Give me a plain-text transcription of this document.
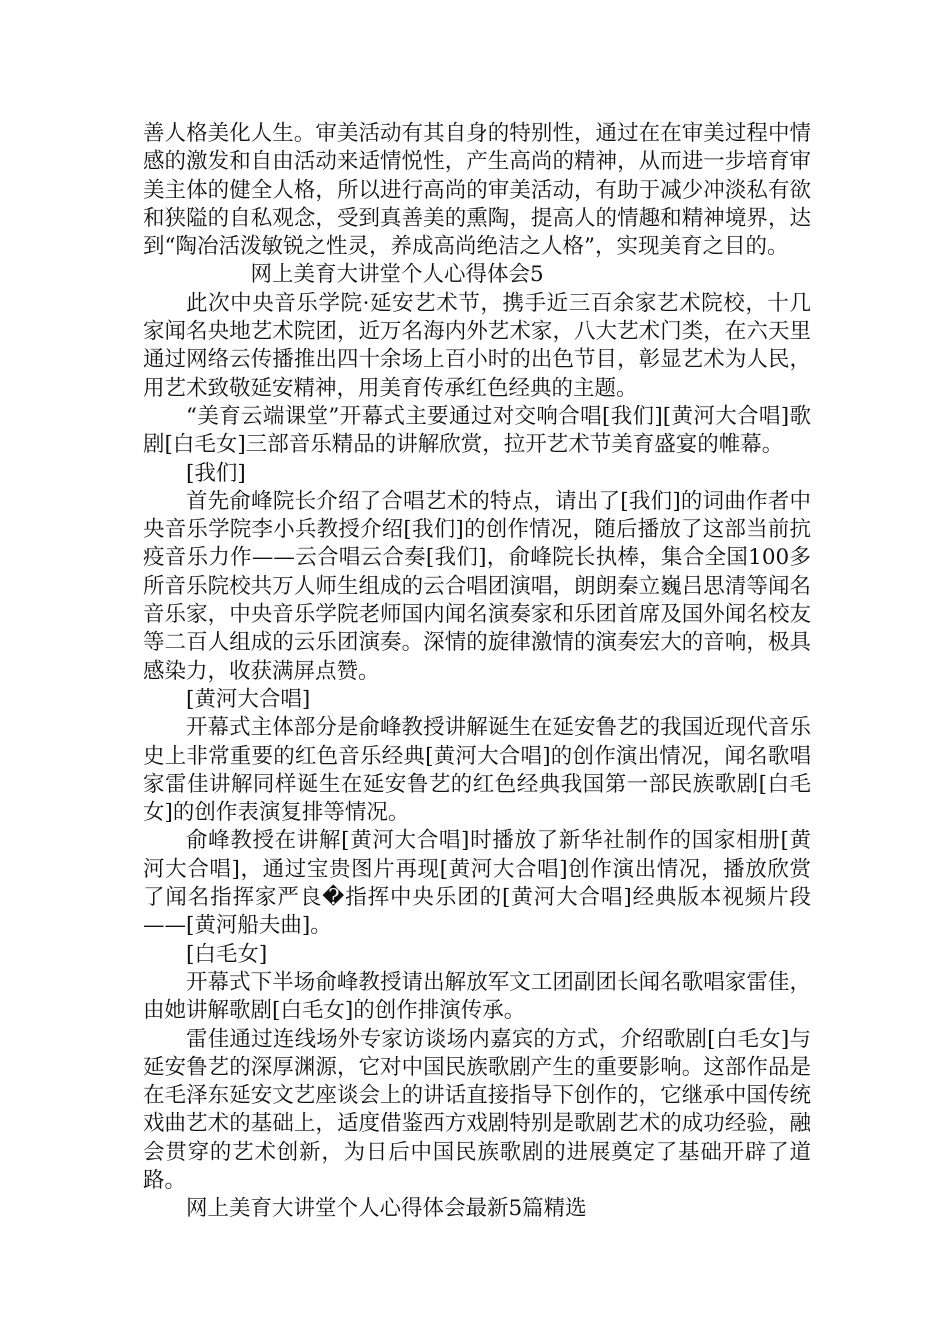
善人格美化人生。审美活动有其自身的特别性，通过在在审美过程中情感的激发和自由活动来适情悦性，产生高尚的精神，从而进一步培育审美主体的健全人格，所以进行高尚的审美活动，有助于减少冲淡私有欲和狭隘的自私观念，受到真善美的熏陶，提高人的情趣和精神境界，达到“陶冶活泼敏锐之性灵，养成高尚绝洁之人格”，实现美育之目的。

网上美育大讲堂个人心得体会5

此次中央音乐学院·延安艺术节，携手近三百余家艺术院校，十几家闻名央地艺术院团，近万名海内外艺术家，八大艺术门类，在六天里通过网络云传播推出四十余场上百小时的出色节目，彰显艺术为人民，用艺术致敬延安精神，用美育传承红色经典的主题。

“美育云端课堂”开幕式主要通过对交响合唱[我们][黄河大合唱]歌剧[白毛女]三部音乐精品的讲解欣赏，拉开艺术节美育盛宴的帷幕。

[我们]

首先俞峰院长介绍了合唱艺术的特点，请出了[我们]的词曲作者中央音乐学院李小兵教授介绍[我们]的创作情况，随后播放了这部当前抗疫音乐力作——云合唱云合奏[我们]，俞峰院长执棒，集合全国100多所音乐院校共万人师生组成的云合唱团演唱，朗朗秦立巍吕思清等闻名音乐家，中央音乐学院老师国内闻名演奏家和乐团首席及国外闻名校友等二百人组成的云乐团演奏。深情的旋律激情的演奏宏大的音响，极具感染力，收获满屏点赞。

[黄河大合唱]

开幕式主体部分是俞峰教授讲解诞生在延安鲁艺的我国近现代音乐史上非常重要的红色音乐经典[黄河大合唱]的创作演出情况，闻名歌唱家雷佳讲解同样诞生在延安鲁艺的红色经典我国第一部民族歌剧[白毛女]的创作表演复排等情况。

俞峰教授在讲解[黄河大合唱]时播放了新华社制作的国家相册[黄河大合唱]，通过宝贵图片再现[黄河大合唱]创作演出情况，播放欣赏了闻名指挥家严良�指挥中央乐团的[黄河大合唱]经典版本视频片段——[黄河船夫曲]。

[白毛女]

开幕式下半场俞峰教授请出解放军文工团副团长闻名歌唱家雷佳，由她讲解歌剧[白毛女]的创作排演传承。

雷佳通过连线场外专家访谈场内嘉宾的方式，介绍歌剧[白毛女]与延安鲁艺的深厚渊源，它对中国民族歌剧产生的重要影响。这部作品是在毛泽东延安文艺座谈会上的讲话直接指导下创作的，它继承中国传统戏曲艺术的基础上，适度借鉴西方戏剧特别是歌剧艺术的成功经验，融会贯穿的艺术创新，为日后中国民族歌剧的进展奠定了基础开辟了道路。

网上美育大讲堂个人心得体会最新5篇精选
